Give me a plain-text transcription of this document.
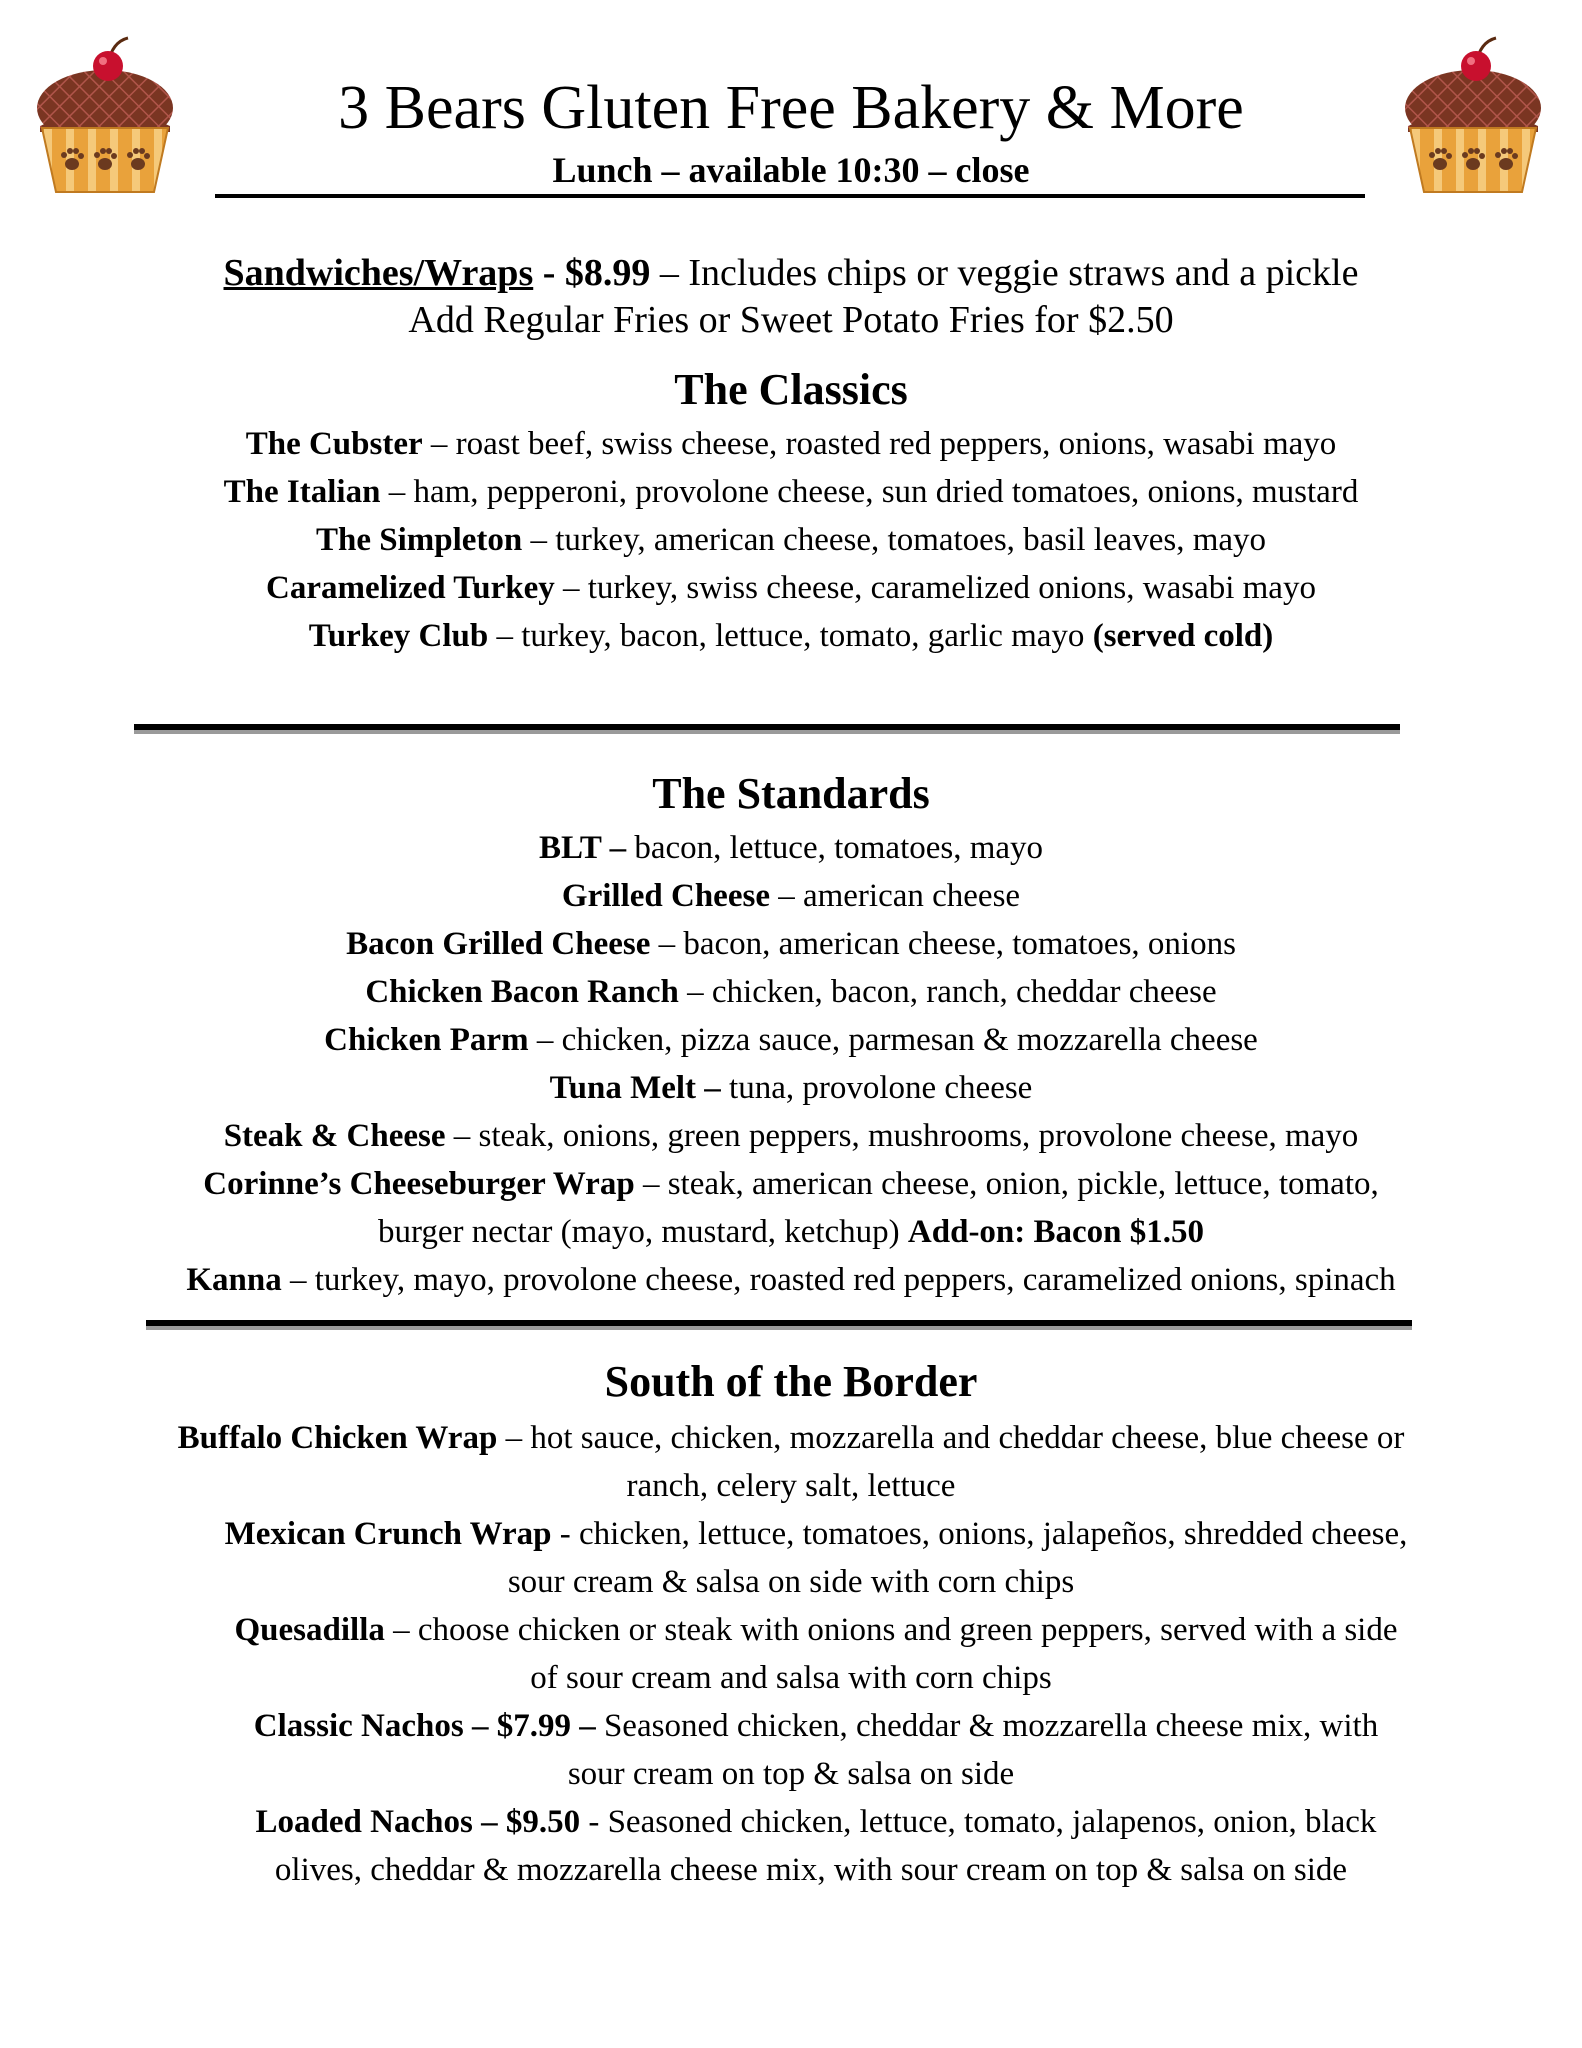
3 Bears Gluten Free Bakery & More
Lunch – available 10:30 – close
Sandwiches/Wraps - $8.99 – Includes chips or veggie straws and a pickle
Add Regular Fries or Sweet Potato Fries for $2.50
The Classics
The Cubster – roast beef, swiss cheese, roasted red peppers, onions, wasabi mayo
The Italian – ham, pepperoni, provolone cheese, sun dried tomatoes, onions, mustard
The Simpleton – turkey, american cheese, tomatoes, basil leaves, mayo
Caramelized Turkey – turkey, swiss cheese, caramelized onions, wasabi mayo
Turkey Club – turkey, bacon, lettuce, tomato, garlic mayo (served cold)
The Standards
BLT – bacon, lettuce, tomatoes, mayo
Grilled Cheese – american cheese
Bacon Grilled Cheese – bacon, american cheese, tomatoes, onions
Chicken Bacon Ranch – chicken, bacon, ranch, cheddar cheese
Chicken Parm – chicken, pizza sauce, parmesan & mozzarella cheese
Tuna Melt – tuna, provolone cheese
Steak & Cheese – steak, onions, green peppers, mushrooms, provolone cheese, mayo
Corinne’s Cheeseburger Wrap – steak, american cheese, onion, pickle, lettuce, tomato,
burger nectar (mayo, mustard, ketchup) Add-on: Bacon $1.50
Kanna – turkey, mayo, provolone cheese, roasted red peppers, caramelized onions, spinach
South of the Border
Buffalo Chicken Wrap – hot sauce, chicken, mozzarella and cheddar cheese, blue cheese or
ranch, celery salt, lettuce
Mexican Crunch Wrap - chicken, lettuce, tomatoes, onions, jalapeños, shredded cheese,
sour cream & salsa on side with corn chips
Quesadilla – choose chicken or steak with onions and green peppers, served with a side
of sour cream and salsa with corn chips
Classic Nachos – $7.99 – Seasoned chicken, cheddar & mozzarella cheese mix, with
sour cream on top & salsa on side
Loaded Nachos – $9.50 - Seasoned chicken, lettuce, tomato, jalapenos, onion, black
olives, cheddar & mozzarella cheese mix, with sour cream on top & salsa on side
